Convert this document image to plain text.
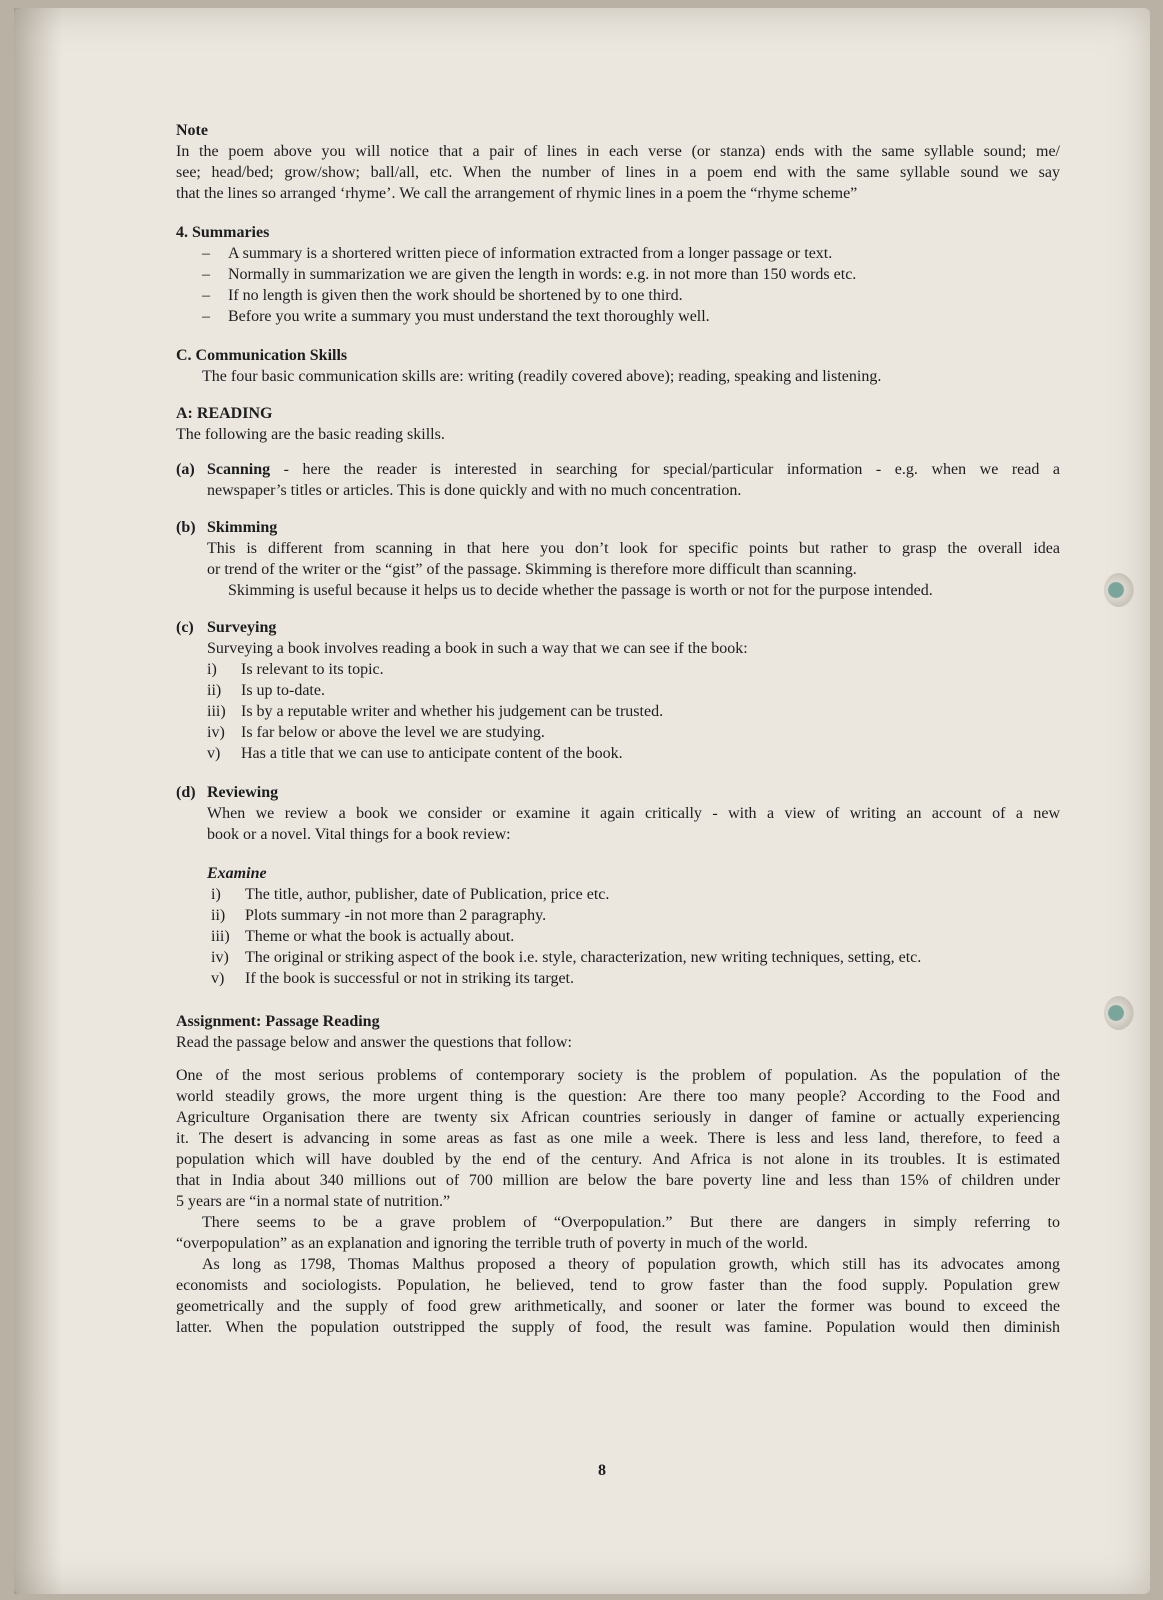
Note

In the poem above you will notice that a pair of lines in each verse (or stanza) ends with the same syllable sound; me/

see; head/bed; grow/show; ball/all, etc. When the number of lines in a poem end with the same syllable sound we say

that the lines so arranged ‘rhyme’. We call the arrangement of rhymic lines in a poem the “rhyme scheme”

4. Summaries
–	A summary is a shortered written piece of information extracted from a longer passage or text.
–	Normally in summarization we are given the length in words: e.g. in not more than 150 words etc.
–	If no length is given then the work should be shortened by to one third.
–	Before you write a summary you must understand the text thoroughly well.
C. Communication Skills

The four basic communication skills are: writing (readily covered above); reading, speaking and listening.

A: READING

The following are the basic reading skills.

(a) Scanning - here the reader is interested in searching for special/particular information - e.g. when we read a

newspaper’s titles or articles. This is done quickly and with no much concentration.

(b) Skimming

This is different from scanning in that here you don’t look for specific points but rather to grasp the overall idea

or trend of the writer or the “gist” of the passage. Skimming is therefore more difficult than scanning.

Skimming is useful because it helps us to decide whether the passage is worth or not for the purpose intended.

(c) Surveying

Surveying a book involves reading a book in such a way that we can see if the book:

i)	Is relevant to its topic.
ii)	Is up to-date.
iii) Is by a reputable writer and whether his judgement can be trusted.
iv)	Is far below or above the level we are studying.
v)	Has a title that we can use to anticipate content of the book.
(d) Reviewing

When we review a book we consider or examine it again critically - with a view of writing an account of a new

book or a novel. Vital things for a book review:

Examine
i)	The title, author, publisher, date of Publication, price etc.
ii)	Plots summary -in not more than 2 paragraphy.
iii) Theme or what the book is actually about.
iv)	The original or striking aspect of the book i.e. style, characterization, new writing techniques, setting, etc.
v)	If the book is successful or not in striking its target.
Assignment: Passage Reading

Read the passage below and answer the questions that follow:

One of the most serious problems of contemporary society is the problem of population. As the population of the

world steadily grows, the more urgent thing is the question: Are there too many people? According to the Food and

Agriculture Organisation there are twenty six African countries seriously in danger of famine or actually experiencing

it. The desert is advancing in some areas as fast as one mile a week. There is less and less land, therefore, to feed a

population which will have doubled by the end of the century. And Africa is not alone in its troubles. It is estimated

that in India about 340 millions out of 700 million are below the bare poverty line and less than 15% of children under

5 years are “in a normal state of nutrition.”

There seems to be a grave problem of “Overpopulation.” But there are dangers in simply referring to

“overpopulation” as an explanation and ignoring the terrible truth of poverty in much of the world.

As long as 1798, Thomas Malthus proposed a theory of population growth, which still has its advocates among

economists and sociologists. Population, he believed, tend to grow faster than the food supply. Population grew

geometrically and the supply of food grew arithmetically, and sooner or later the former was bound to exceed the

latter. When the population outstripped the supply of food, the result was famine. Population would then diminish

8
